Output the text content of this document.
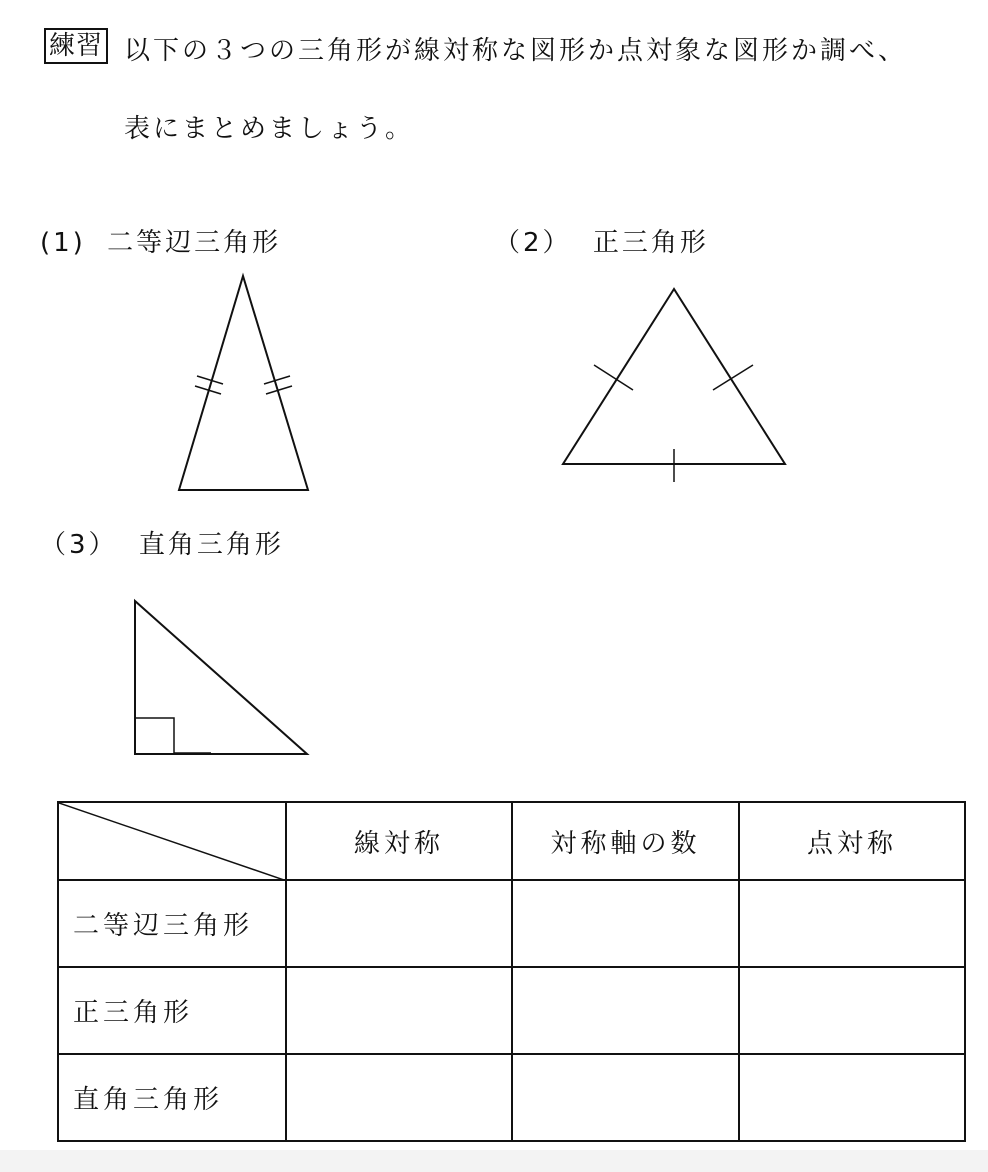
練習 以下の３つの三角形が線対称な図形か点対象な図形か調べ、
表にまとめましょう。
(1) 二等辺三角形	（2） 正三角形
（3） 直角三角形
	線対称	対称軸の数	点対称
二等辺三角形			
正三角形			
直角三角形			
